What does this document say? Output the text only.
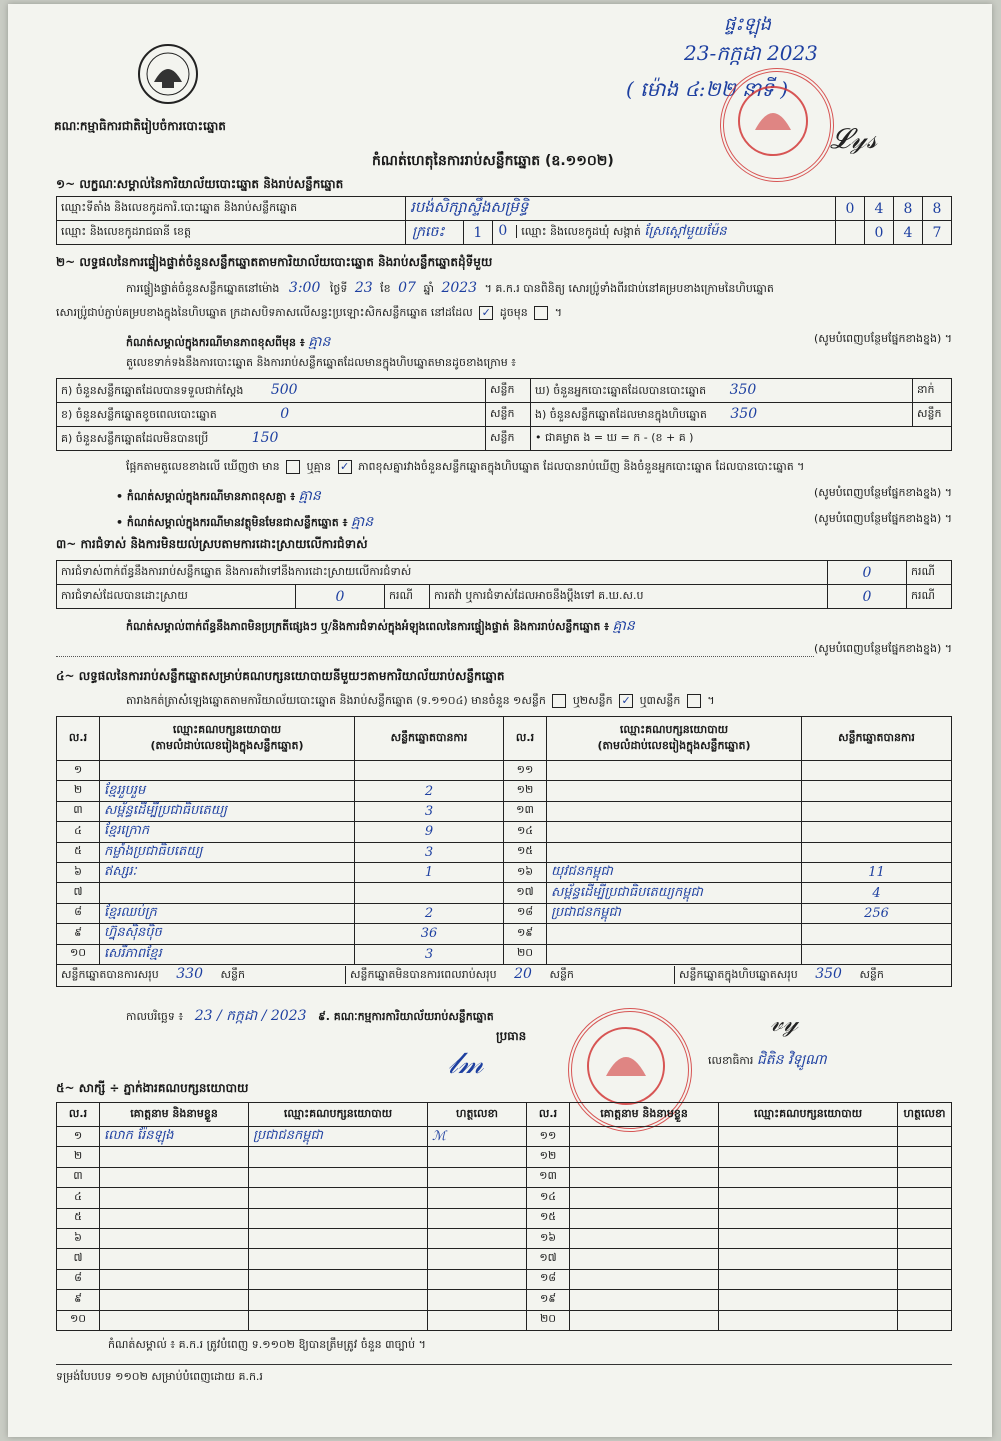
គណៈកម្មាធិការជាតិរៀបចំការបោះឆ្នោត
កំណត់ហេតុនៃការរាប់សន្លឹកឆ្នោត (ឧ.១១០២)
ផ្ទះឡុង
23-កក្កដា 2023
( ម៉ោង ៤:២២ នាទី )
𝓛𝓎𝓈
១~ លក្ខណៈសម្គាល់នៃការិយាល័យបោះឆ្នោត និងរាប់សន្លឹកឆ្នោត
ឈ្មោះទីតាំង និងលេខកូដការិ.បោះឆ្នោត និងរាប់សន្លឹកឆ្នោត	របង់សិក្សាស្ទឹងសម្រិទ្ធិ			0	4	8	8
ឈ្មោះ និងលេខកូដរាជធានី ខេត្ត	ក្រចេះ	1	0 ឈ្មោះ និងលេខកូដឃុំ សង្កាត់ ស្រែស្ដៅមួយម៉ែន		0	4	7
២~ លទ្ធផលនៃការផ្ទៀងផ្ទាត់ចំនួនសន្លឹកឆ្នោតតាមការិយាល័យបោះឆ្នោត និងរាប់សន្លឹកឆ្នោតដុំទីមួយ
ការផ្ទៀងផ្ទាត់ចំនួនសន្លឹកឆ្នោតនៅម៉ោង 3:00 ថ្ងៃទី 23 ខែ 07 ឆ្នាំ 2023 ។ គ.ក.រ បានពិនិត្យ សោរប្រ៉ូទាំងពីរជាប់នៅគម្របខាងក្រោមនៃហិបឆ្នោត
សោរប្រ៉ូជាប់ភ្ជាប់គម្របខាងក្នុងនៃហិបឆ្នោត ក្រដាសបិទភាសលើសន្ទះប្រឡោះសិកសន្លឹកឆ្នោត នៅដដែល ✓ ដូចមុន  ។
កំណត់សម្គាល់ក្នុងករណីមានភាពខុសពីមុន ៖ គ្មាន	(សូមបំពេញបន្ថែមផ្នែកខាងខ្នង) ។
តួលេខទាក់ទងនឹងការបោះឆ្នោត និងការរាប់សន្លឹកឆ្នោតដែលមានក្នុងហិបឆ្នោតមានដូចខាងក្រោម ៖
ក) ចំនួនសន្លឹកឆ្នោតដែលបានទទួលជាក់ស្ដែង 500	សន្លឹក	ឃ) ចំនួនអ្នកបោះឆ្នោតដែលបានបោះឆ្នោត 350	នាក់
ខ) ចំនួនសន្លឹកឆ្នោតខូចពេលបោះឆ្នោត 0	សន្លឹក	ង) ចំនួនសន្លឹកឆ្នោតដែលមានក្នុងហិបឆ្នោត 350	សន្លឹក
គ) ចំនួនសន្លឹកឆ្នោតដែលមិនបានប្រើ 150	សន្លឹក	• ជាគម្លាត ង = ឃ = ក - (ខ + គ )	
ផ្អែកតាមតួលេខខាងលើ ឃើញថា មាន ឬគ្មាន ✓ ភាពខុសគ្នារវាងចំនួនសន្លឹកឆ្នោតក្នុងហិបឆ្នោត ដែលបានរាប់ឃើញ និងចំនួនអ្នកបោះឆ្នោត ដែលបានបោះឆ្នោត ។
• កំណត់សម្គាល់ក្នុងករណីមានភាពខុសគ្នា ៖ គ្មាន	(សូមបំពេញបន្ថែមផ្នែកខាងខ្នង) ។
• កំណត់សម្គាល់ក្នុងករណីមានវត្ថុមិនមែនជាសន្លឹកឆ្នោត ៖ គ្មាន	(សូមបំពេញបន្ថែមផ្នែកខាងខ្នង) ។
៣~ ការជំទាស់ និងការមិនយល់ស្របតាមការដោះស្រាយលើការជំទាស់
ការជំទាស់ពាក់ព័ន្ធនឹងការរាប់សន្លឹកឆ្នោត និងការតវ៉ាទៅនឹងការដោះស្រាយលើការជំទាស់				0	ករណី
ការជំទាស់ដែលបានដោះស្រាយ	0	ករណី	ការតវ៉ា ឬការជំទាស់ដែលអាចនឹងប្ដឹងទៅ គ.ឃ.ស.ប	0	ករណី
កំណត់សម្គាល់ពាក់ព័ន្ធនឹងភាពមិនប្រក្រតីផ្សេងៗ ឬ/និងការជំទាស់ក្នុងអំឡុងពេលនៃការផ្ទៀងផ្ទាត់ និងការរាប់សន្លឹកឆ្នោត ៖ គ្មាន
(សូមបំពេញបន្ថែមផ្នែកខាងខ្នង) ។
៤~ លទ្ធផលនៃការរាប់សន្លឹកឆ្នោតសម្រាប់គណបក្សនយោបាយនីមួយៗតាមការិយាល័យរាប់សន្លឹកឆ្នោត
តារាងកត់ត្រាសំឡេងឆ្នោតតាមការិយាល័យបោះឆ្នោត និងរាប់សន្លឹកឆ្នោត (ទ.១១០៤) មានចំនួន ១សន្លឹក ឬ២សន្លឹក ✓ ឬ៣សន្លឹក  ។
ល.រ	
ឈ្មោះគណបក្សនយោបាយ
(តាមលំដាប់លេខរៀងក្នុងសន្លឹកឆ្នោត)
	សន្លឹកឆ្នោតបានការ	ល.រ	
ឈ្មោះគណបក្សនយោបាយ
(តាមលំដាប់លេខរៀងក្នុងសន្លឹកឆ្នោត)
	សន្លឹកឆ្នោតបានការ
១			១១		
២	ខ្មែររួបរួម	2	១២		
៣	សម្ព័ន្ធដើម្បីប្រជាធិបតេយ្យ	3	១៣		
៤	ខ្មែរក្រោក	9	១៤		
៥	កម្លាំងប្រជាធិបតេយ្យ	3	១៥		
៦	ឥស្សរៈ	1	១៦	យុវជនកម្ពុជា	11
៧			១៧	សម្ព័ន្ធដើម្បីប្រជាធិបតេយ្យកម្ពុជា	4
៨	ខ្មែរឈប់ក្រ	2	១៨	ប្រជាជនកម្ពុជា	256
៩	ហ្វ៊ុនស៊ិនប៉ិច	36	១៩		
១០	សេរីភាពខ្មែរ	3	២០		

សន្លឹកឆ្នោតបានការសរុប 330 សន្លឹក	សន្លឹកឆ្នោតមិនបានការពេលរាប់សរុប 20 សន្លឹក	សន្លឹកឆ្នោតក្នុងហិបឆ្នោតសរុប 350 សន្លឹក
កាលបរិច្ឆេទ ៖ 23 / កក្កដា / 2023 ៩. គណៈកម្មការការិយាល័យរាប់សន្លឹកឆ្នោត
ប្រធាន
𝓁𝓂
𝓋𝓎
លេខាធិការ ជិតិន វិឡូណា
៥~ សាក្សី ÷ ភ្នាក់ងារគណបក្សនយោបាយ
ល.រ	គោត្តនាម និងនាមខ្លួន	ឈ្មោះគណបក្សនយោបាយ	ហត្ថលេខា	ល.រ	គោត្តនាម និងនាមខ្លួន	ឈ្មោះគណបក្សនយោបាយ	ហត្ថលេខា
១	លោក រ៉ែនឡុង	ប្រជាជនកម្ពុជា	ℳ	១១			
២				១២			
៣				១៣			
៤				១៤			
៥				១៥			
៦				១៦			
៧				១៧			
៨				១៨			
៩				១៩			
១០				២០			
កំណត់សម្គាល់ ៖ គ.ក.រ ត្រូវបំពេញ ទ.១១០២ ឱ្យបានត្រឹមត្រូវ ចំនួន ៣ច្បាប់ ។
ទម្រង់បែបបទ ១១០២ សម្រាប់បំពេញដោយ គ.ក.រ
